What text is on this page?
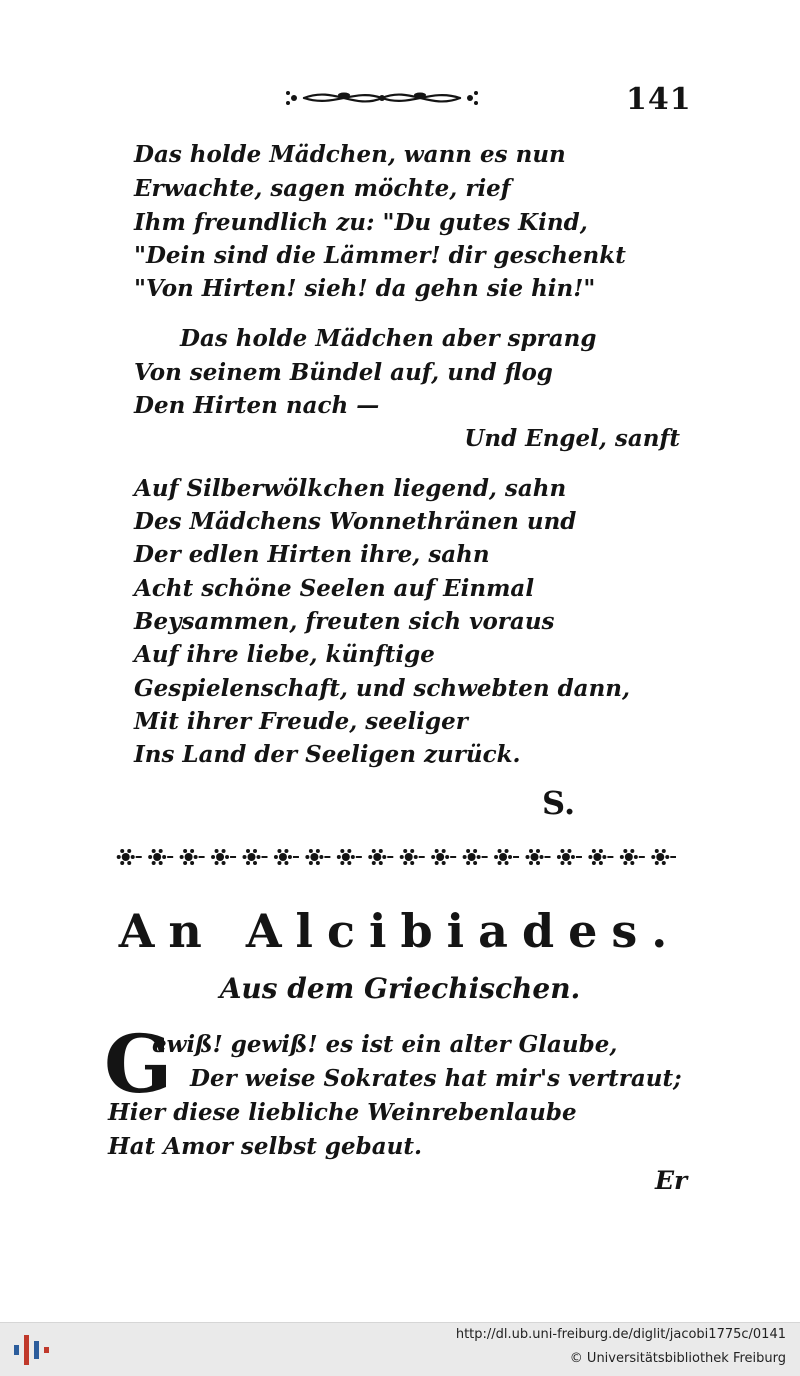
141
Das holde Mädchen, wann es nun
Erwachte, sagen möchte, rief
Ihm freundlich zu: "Du gutes Kind,
"Dein sind die Lämmer! dir geschenkt
"Von Hirten! sieh! da gehn sie hin!"
Das holde Mädchen aber sprang
Von seinem Bündel auf, und flog
Den Hirten nach —
Und Engel, sanft
Auf Silberwölkchen liegend, sahn
Des Mädchens Wonnethränen und
Der edlen Hirten ihre, sahn
Acht schöne Seelen auf Einmal
Beysammen, freuten sich voraus
Auf ihre liebe, künftige
Gespielenschaft, und schwebten dann,
Mit ihrer Freude, seeliger
Ins Land der Seeligen zurück.
S.
An Alcibiades.
Aus dem Griechischen.
G
ewiß! gewiß! es ist ein alter Glaube,
Der weise Sokrates hat mir's vertraut;
Hier diese liebliche Weinrebenlaube
Hat Amor selbst gebaut.
Er
http://dl.ub.uni-freiburg.de/diglit/jacobi1775c/0141
© Universitätsbibliothek Freiburg
